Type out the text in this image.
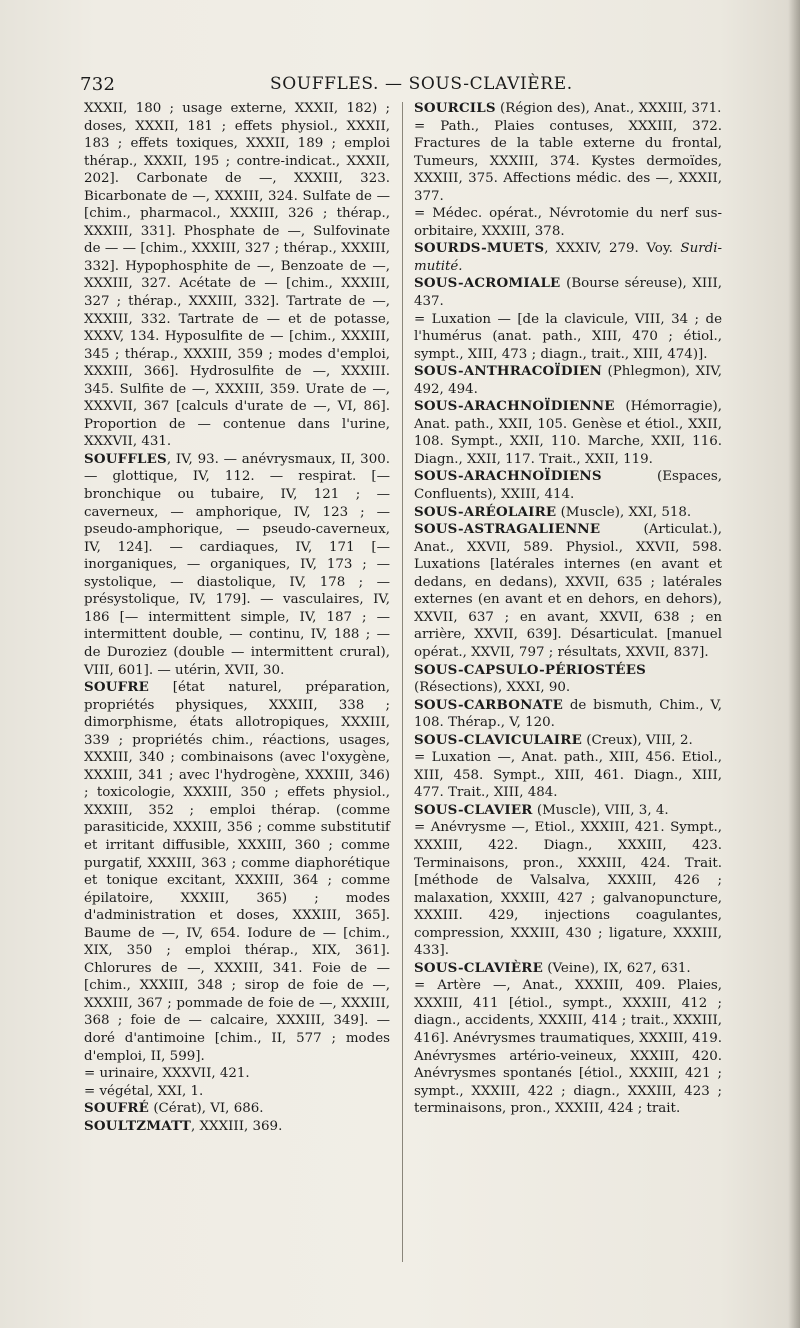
732	SOUFFLES. — SOUS-CLAVIÈRE.

XXXII, 180 ; usage externe, XXXII, 182) ; doses, XXXII, 181 ; effets physiol., XXXII, 183 ; effets toxiques, XXXII, 189 ; emploi thérap., XXXII, 195 ; contre-indicat., XXXII, 202]. Carbonate de —, XXXIII, 323. Bicarbonate de —, XXXIII, 324. Sulfate de — [chim., pharmacol., XXXIII, 326 ; thérap., XXXIII, 331]. Phosphate de —, Sulfovinate de — — [chim., XXXIII, 327 ; thérap., XXXIII, 332]. Hypophosphite de —, Benzoate de —, XXXIII, 327. Acétate de — [chim., XXXIII, 327 ; thérap., XXXIII, 332]. Tartrate de —, XXXIII, 332. Tartrate de — et de potasse, XXXV, 134. Hyposulfite de — [chim., XXXIII, 345 ; thérap., XXXIII, 359 ; modes d'emploi, XXXIII, 366]. Hydrosulfite de —, XXXIII. 345. Sulfite de —, XXXIII, 359. Urate de —, XXXVII, 367 [calculs d'urate de —, VI, 86]. Proportion de — contenue dans l'urine, XXXVII, 431.

SOUFFLES, IV, 93. — anévrysmaux, II, 300. — glottique, IV, 112. — respirat. [— bronchique ou tubaire, IV, 121 ; — caverneux, — amphorique, IV, 123 ; — pseudo-amphorique, — pseudo-caverneux, IV, 124]. — cardiaques, IV, 171 [— inorganiques, — organiques, IV, 173 ; — systolique, — diastolique, IV, 178 ; — présystolique, IV, 179]. — vasculaires, IV, 186 [— intermittent simple, IV, 187 ; — intermittent double, — continu, IV, 188 ; — de Duroziez (double — intermittent crural), VIII, 601]. — utérin, XVII, 30.

SOUFRE [état naturel, préparation, propriétés physiques, XXXIII, 338 ; dimorphisme, états allotropiques, XXXIII, 339 ; propriétés chim., réactions, usages, XXXIII, 340 ; combinaisons (avec l'oxygène, XXXIII, 341 ; avec l'hydrogène, XXXIII, 346) ; toxicologie, XXXIII, 350 ; effets physiol., XXXIII, 352 ; emploi thérap. (comme parasiticide, XXXIII, 356 ; comme substitutif et irritant diffusible, XXXIII, 360 ; comme purgatif, XXXIII, 363 ; comme diaphorétique et tonique excitant, XXXIII, 364 ; comme épilatoire, XXXIII, 365) ; modes d'administration et doses, XXXIII, 365]. Baume de —, IV, 654. Iodure de — [chim., XIX, 350 ; emploi thérap., XIX, 361]. Chlorures de —, XXXIII, 341. Foie de — [chim., XXXIII, 348 ; sirop de foie de —, XXXIII, 367 ; pommade de foie de —, XXXIII, 368 ; foie de — calcaire, XXXIII, 349]. — doré d'antimoine [chim., II, 577 ; modes d'emploi, II, 599].

= urinaire, XXXVII, 421.

= végétal, XXI, 1.

SOUFRÉ (Cérat), VI, 686.

SOULTZMATT, XXXIII, 369.

SOURCILS (Région des), Anat., XXXIII, 371.

= Path., Plaies contuses, XXXIII, 372. Fractures de la table externe du frontal, Tumeurs, XXXIII, 374. Kystes dermoïdes, XXXIII, 375. Affections médic. des —, XXXII, 377.

= Médec. opérat., Névrotomie du nerf sus-orbitaire, XXXIII, 378.

SOURDS-MUETS, XXXIV, 279. Voy. Surdi-mutité.

SOUS-ACROMIALE (Bourse séreuse), XIII, 437.

= Luxation — [de la clavicule, VIII, 34 ; de l'humérus (anat. path., XIII, 470 ; étiol., sympt., XIII, 473 ; diagn., trait., XIII, 474)].

SOUS-ANTHRACOÏDIEN (Phlegmon), XIV, 492, 494.

SOUS-ARACHNOÏDIENNE (Hémorragie), Anat. path., XXII, 105. Genèse et étiol., XXII, 108. Sympt., XXII, 110. Marche, XXII, 116. Diagn., XXII, 117. Trait., XXII, 119.

SOUS-ARACHNOÏDIENS (Espaces, Confluents), XXIII, 414.

SOUS-ARÉOLAIRE (Muscle), XXI, 518.

SOUS-ASTRAGALIENNE (Articulat.), Anat., XXVII, 589. Physiol., XXVII, 598. Luxations [latérales internes (en avant et dedans, en dedans), XXVII, 635 ; latérales externes (en avant et en dehors, en dehors), XXVII, 637 ; en avant, XXVII, 638 ; en arrière, XXVII, 639]. Désarticulat. [manuel opérat., XXVII, 797 ; résultats, XXVII, 837].

SOUS-CAPSULO-PÉRIOSTÉES (Résections), XXXI, 90.

SOUS-CARBONATE de bismuth, Chim., V, 108. Thérap., V, 120.

SOUS-CLAVICULAIRE (Creux), VIII, 2.

= Luxation —, Anat. path., XIII, 456. Etiol., XIII, 458. Sympt., XIII, 461. Diagn., XIII, 477. Trait., XIII, 484.

SOUS-CLAVIER (Muscle), VIII, 3, 4.

= Anévrysme —, Etiol., XXXIII, 421. Sympt., XXXIII, 422. Diagn., XXXIII, 423. Terminaisons, pron., XXXIII, 424. Trait. [méthode de Valsalva, XXXIII, 426 ; malaxation, XXXIII, 427 ; galvanopuncture, XXXIII. 429, injections coagulantes, compression, XXXIII, 430 ; ligature, XXXIII, 433].

SOUS-CLAVIÈRE (Veine), IX, 627, 631.

= Artère —, Anat., XXXIII, 409. Plaies, XXXIII, 411 [étiol., sympt., XXXIII, 412 ; diagn., accidents, XXXIII, 414 ; trait., XXXIII, 416]. Anévrysmes traumatiques, XXXIII, 419. Anévrysmes artério-veineux, XXXIII, 420. Anévrysmes spontanés [étiol., XXXIII, 421 ; sympt., XXXIII, 422 ; diagn., XXXIII, 423 ; terminaisons, pron., XXXIII, 424 ; trait.
